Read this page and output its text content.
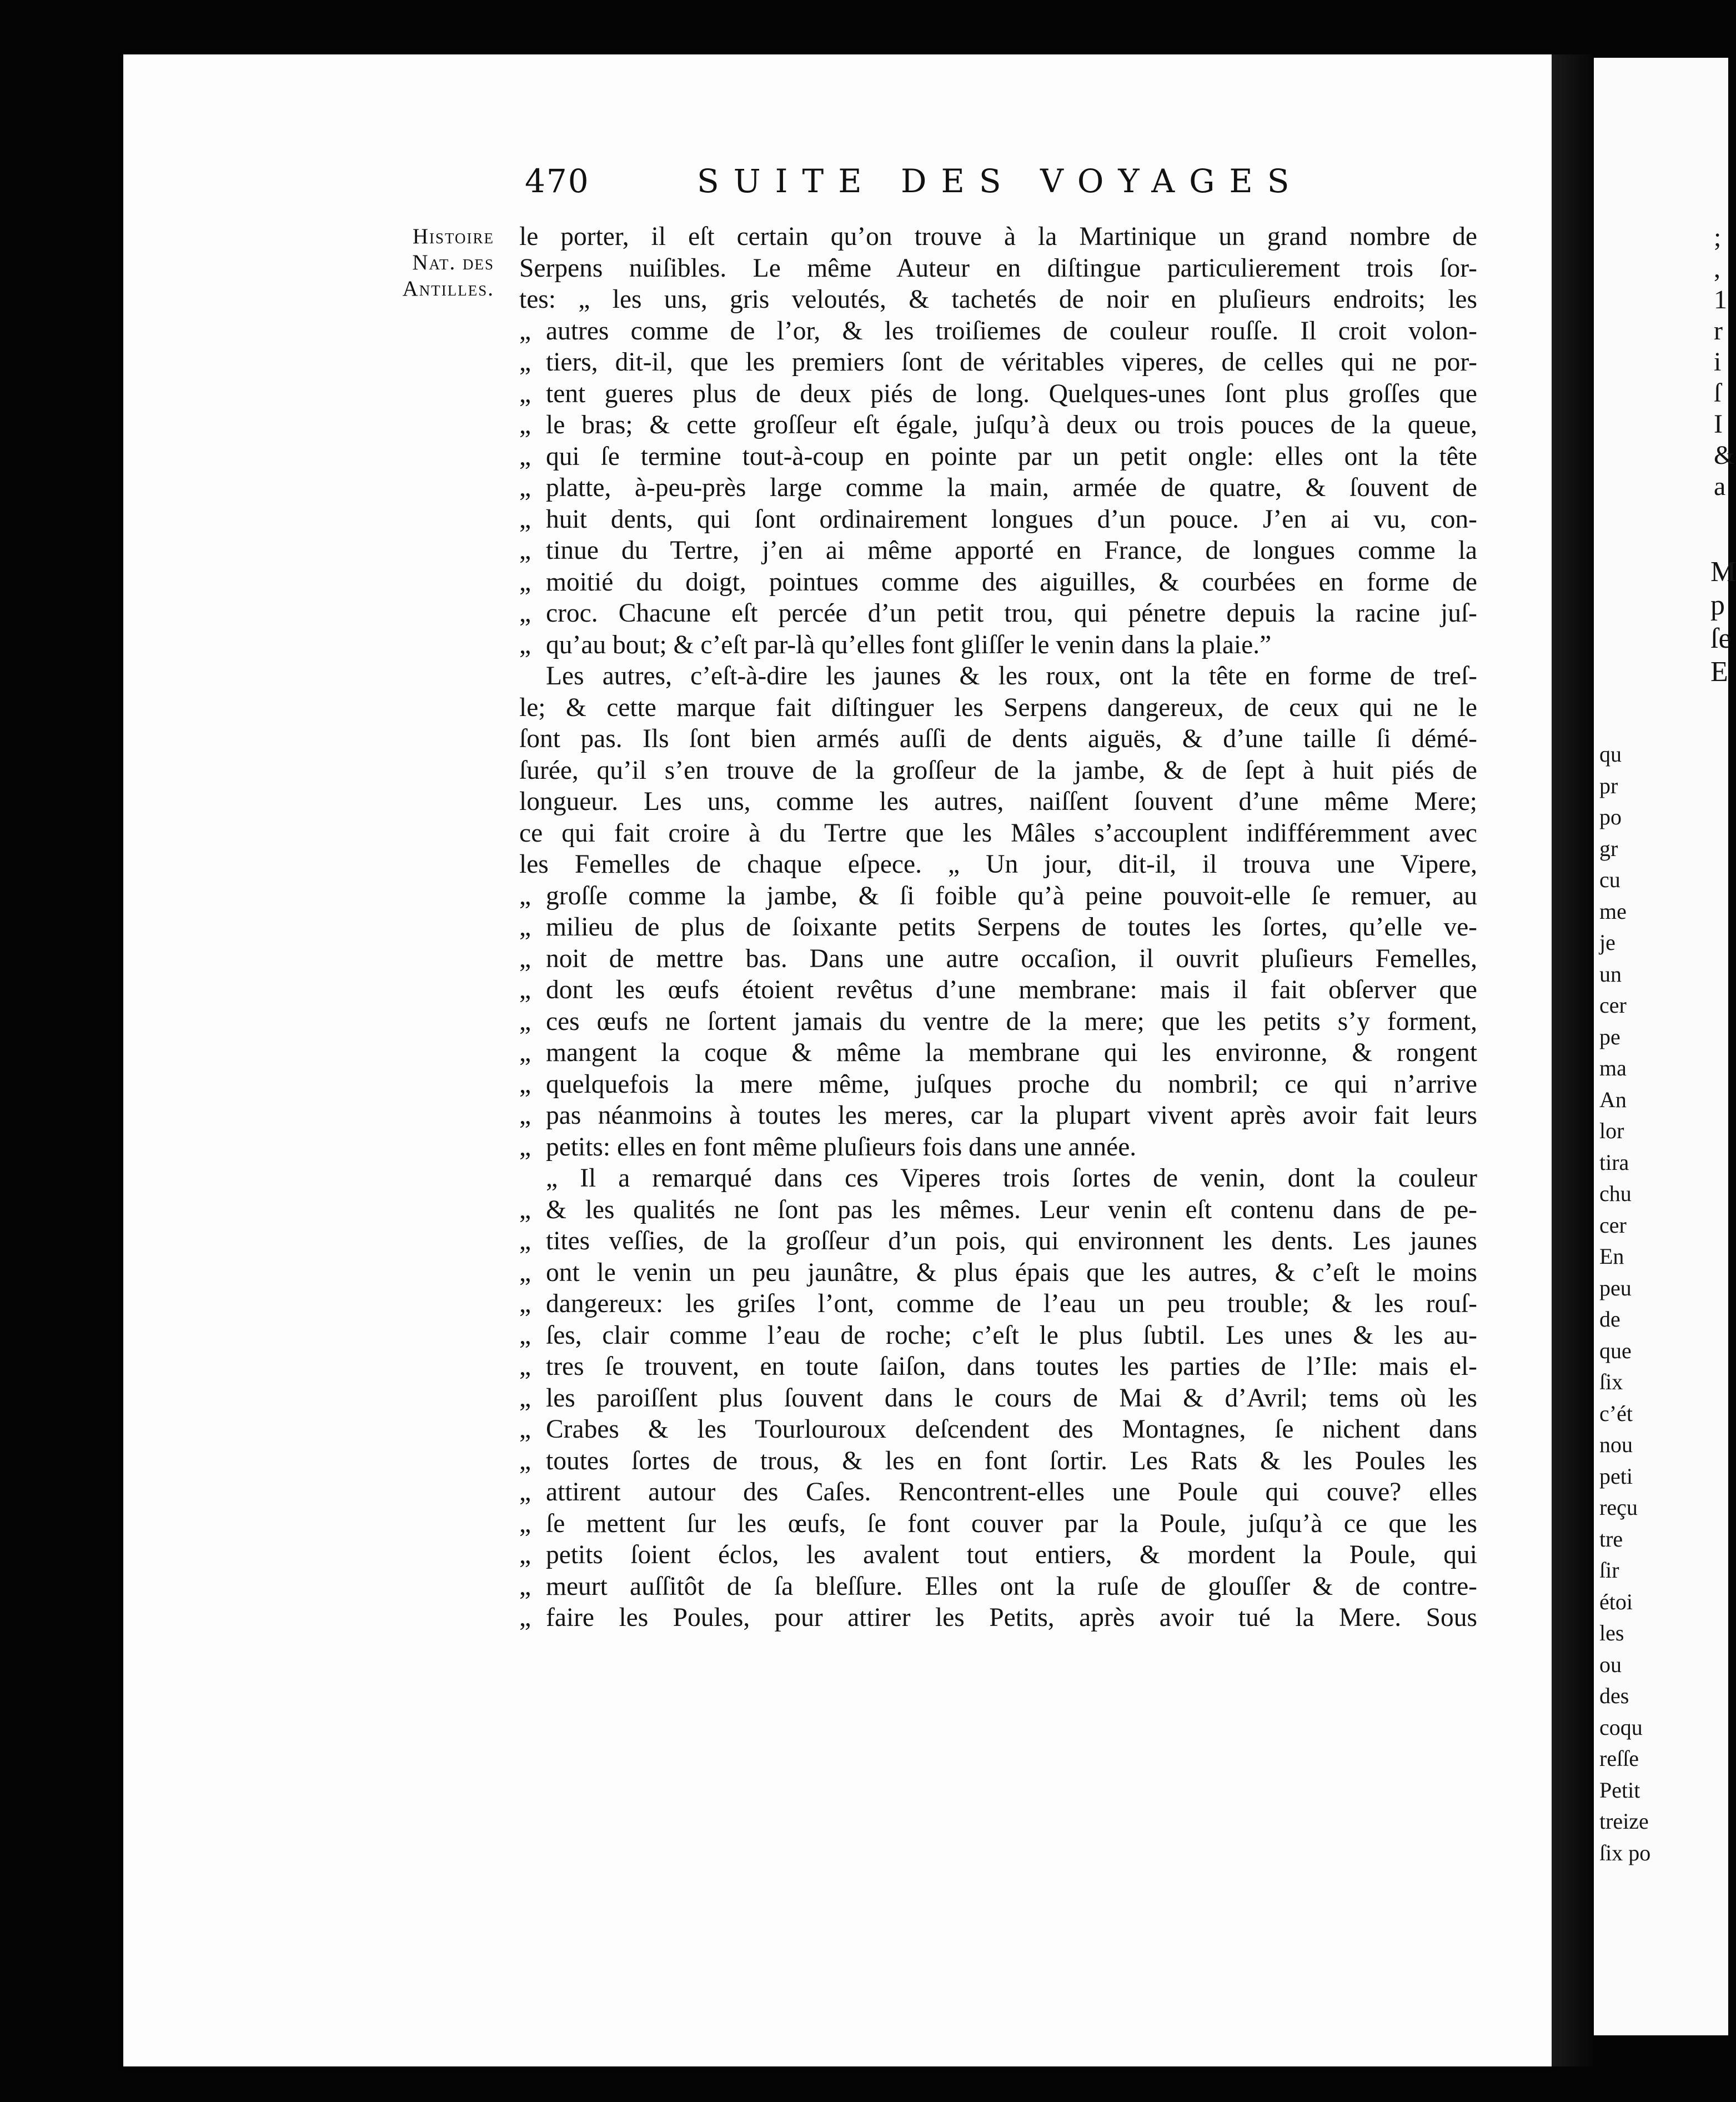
470	SUITE DES VOYAGES
Histoire
Nat. des
Antilles.
le porter, il eſt certain qu’on trouve à la Martinique un grand nombre de
Serpens nuiſibles. Le même Auteur en diſtingue particulierement trois ſor-
tes: „ les uns, gris veloutés, & tachetés de noir en pluſieurs endroits; les
„ autres comme de l’or, & les troiſiemes de couleur rouſſe. Il croit volon-
„ tiers, dit-il, que les premiers ſont de véritables viperes, de celles qui ne por-
„ tent gueres plus de deux piés de long. Quelques-unes ſont plus groſſes que
„ le bras; & cette groſſeur eſt égale, juſqu’à deux ou trois pouces de la queue,
„ qui ſe termine tout-à-coup en pointe par un petit ongle: elles ont la tête
„ platte, à-peu-près large comme la main, armée de quatre, & ſouvent de
„ huit dents, qui ſont ordinairement longues d’un pouce. J’en ai vu, con-
„ tinue du Tertre, j’en ai même apporté en France, de longues comme la
„ moitié du doigt, pointues comme des aiguilles, & courbées en forme de
„ croc. Chacune eſt percée d’un petit trou, qui pénetre depuis la racine juſ-
„ qu’au bout; & c’eſt par-là qu’elles font gliſſer le venin dans la plaie.”
Les autres, c’eſt-à-dire les jaunes & les roux, ont la tête en forme de treſ-
le; & cette marque fait diſtinguer les Serpens dangereux, de ceux qui ne le
ſont pas. Ils ſont bien armés auſſi de dents aiguës, & d’une taille ſi démé-
ſurée, qu’il s’en trouve de la groſſeur de la jambe, & de ſept à huit piés de
longueur. Les uns, comme les autres, naiſſent ſouvent d’une même Mere;
ce qui fait croire à du Tertre que les Mâles s’accouplent indifféremment avec
les Femelles de chaque eſpece. „ Un jour, dit-il, il trouva une Vipere,
„ groſſe comme la jambe, & ſi foible qu’à peine pouvoit-elle ſe remuer, au
„ milieu de plus de ſoixante petits Serpens de toutes les ſortes, qu’elle ve-
„ noit de mettre bas. Dans une autre occaſion, il ouvrit pluſieurs Femelles,
„ dont les œufs étoient revêtus d’une membrane: mais il fait obſerver que
„ ces œufs ne ſortent jamais du ventre de la mere; que les petits s’y forment,
„ mangent la coque & même la membrane qui les environne, & rongent
„ quelquefois la mere même, juſques proche du nombril; ce qui n’arrive
„ pas néanmoins à toutes les meres, car la plupart vivent après avoir fait leurs
„ petits: elles en font même pluſieurs fois dans une année.
„ Il a remarqué dans ces Viperes trois ſortes de venin, dont la couleur
„ & les qualités ne ſont pas les mêmes. Leur venin eſt contenu dans de pe-
„ tites veſſies, de la groſſeur d’un pois, qui environnent les dents. Les jaunes
„ ont le venin un peu jaunâtre, & plus épais que les autres, & c’eſt le moins
„ dangereux: les griſes l’ont, comme de l’eau un peu trouble; & les rouſ-
„ ſes, clair comme l’eau de roche; c’eſt le plus ſubtil. Les unes & les au-
„ tres ſe trouvent, en toute ſaiſon, dans toutes les parties de l’Ile: mais el-
„ les paroiſſent plus ſouvent dans le cours de Mai & d’Avril; tems où les
„ Crabes & les Tourlouroux deſcendent des Montagnes, ſe nichent dans
„ toutes ſortes de trous, & les en font ſortir. Les Rats & les Poules les
„ attirent autour des Caſes. Rencontrent-elles une Poule qui couve? elles
„ ſe mettent ſur les œufs, ſe font couver par la Poule, juſqu’à ce que les
„ petits ſoient éclos, les avalent tout entiers, & mordent la Poule, qui
„ meurt auſſitôt de ſa bleſſure. Elles ont la ruſe de glouſſer & de contre-
„ faire les Poules, pour attirer les Petits, après avoir tué la Mere. Sous
;
,
1
r
i
ſ
I
&
a
qu
pr
po
gr
cu
me
je
un
cer
pe
ma
An
lor
tira
chu
cer
En
peu
de
que
ſix
c’ét
nou
peti
reçu
tre
ſir
étoi
les
ou
des
coqu
reſſe
Petit
treize
ſix po
M
p
ſe
E
